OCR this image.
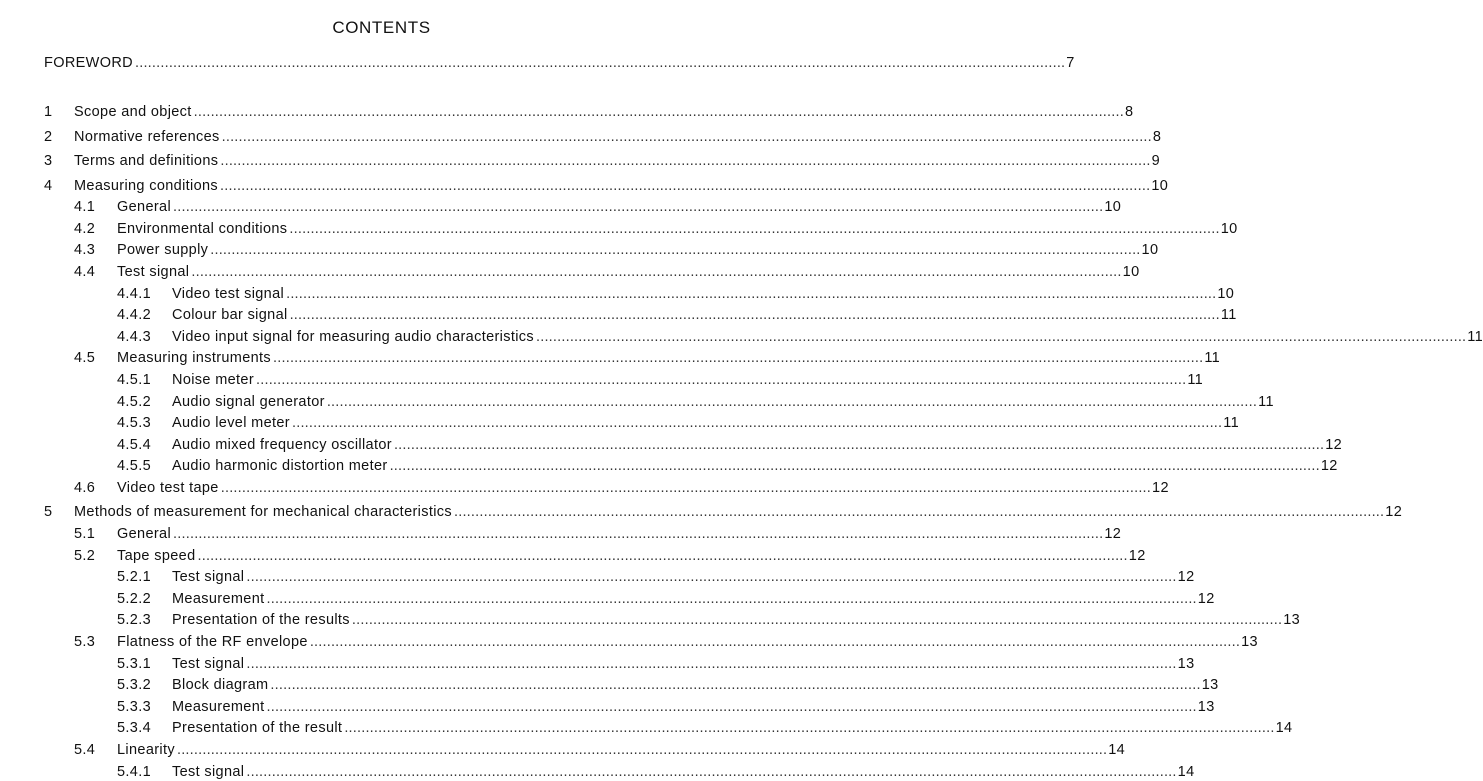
CONTENTS
FOREWORD ............................................................................................................................................................................................................................ 7
1	Scope and object ............................................................................................................................................................................................................................ 8
2	Normative references ............................................................................................................................................................................................................................ 8
3	Terms and definitions ............................................................................................................................................................................................................................ 9
4	Measuring conditions ............................................................................................................................................................................................................................ 10
4.1	General ............................................................................................................................................................................................................................ 10
4.2	Environmental conditions ............................................................................................................................................................................................................................ 10
4.3	Power supply ............................................................................................................................................................................................................................ 10
4.4	Test signal ............................................................................................................................................................................................................................ 10
4.4.1	Video test signal ............................................................................................................................................................................................................................ 10
4.4.2	Colour bar signal ............................................................................................................................................................................................................................ 11
4.4.3	Video input signal for measuring audio characteristics ............................................................................................................................................................................................................................ 11
4.5	Measuring instruments ............................................................................................................................................................................................................................ 11
4.5.1	Noise meter ............................................................................................................................................................................................................................ 11
4.5.2	Audio signal generator ............................................................................................................................................................................................................................ 11
4.5.3	Audio level meter ............................................................................................................................................................................................................................ 11
4.5.4	Audio mixed frequency oscillator ............................................................................................................................................................................................................................ 12
4.5.5	Audio harmonic distortion meter ............................................................................................................................................................................................................................ 12
4.6	Video test tape ............................................................................................................................................................................................................................ 12
5	Methods of measurement for mechanical characteristics ............................................................................................................................................................................................................................ 12
5.1	General ............................................................................................................................................................................................................................ 12
5.2	Tape speed ............................................................................................................................................................................................................................ 12
5.2.1	Test signal ............................................................................................................................................................................................................................ 12
5.2.2	Measurement ............................................................................................................................................................................................................................ 12
5.2.3	Presentation of the results ............................................................................................................................................................................................................................ 13
5.3	Flatness of the RF envelope ............................................................................................................................................................................................................................ 13
5.3.1	Test signal ............................................................................................................................................................................................................................ 13
5.3.2	Block diagram ............................................................................................................................................................................................................................ 13
5.3.3	Measurement ............................................................................................................................................................................................................................ 13
5.3.4	Presentation of the result ............................................................................................................................................................................................................................ 14
5.4	Linearity ............................................................................................................................................................................................................................ 14
5.4.1	Test signal ............................................................................................................................................................................................................................ 14
